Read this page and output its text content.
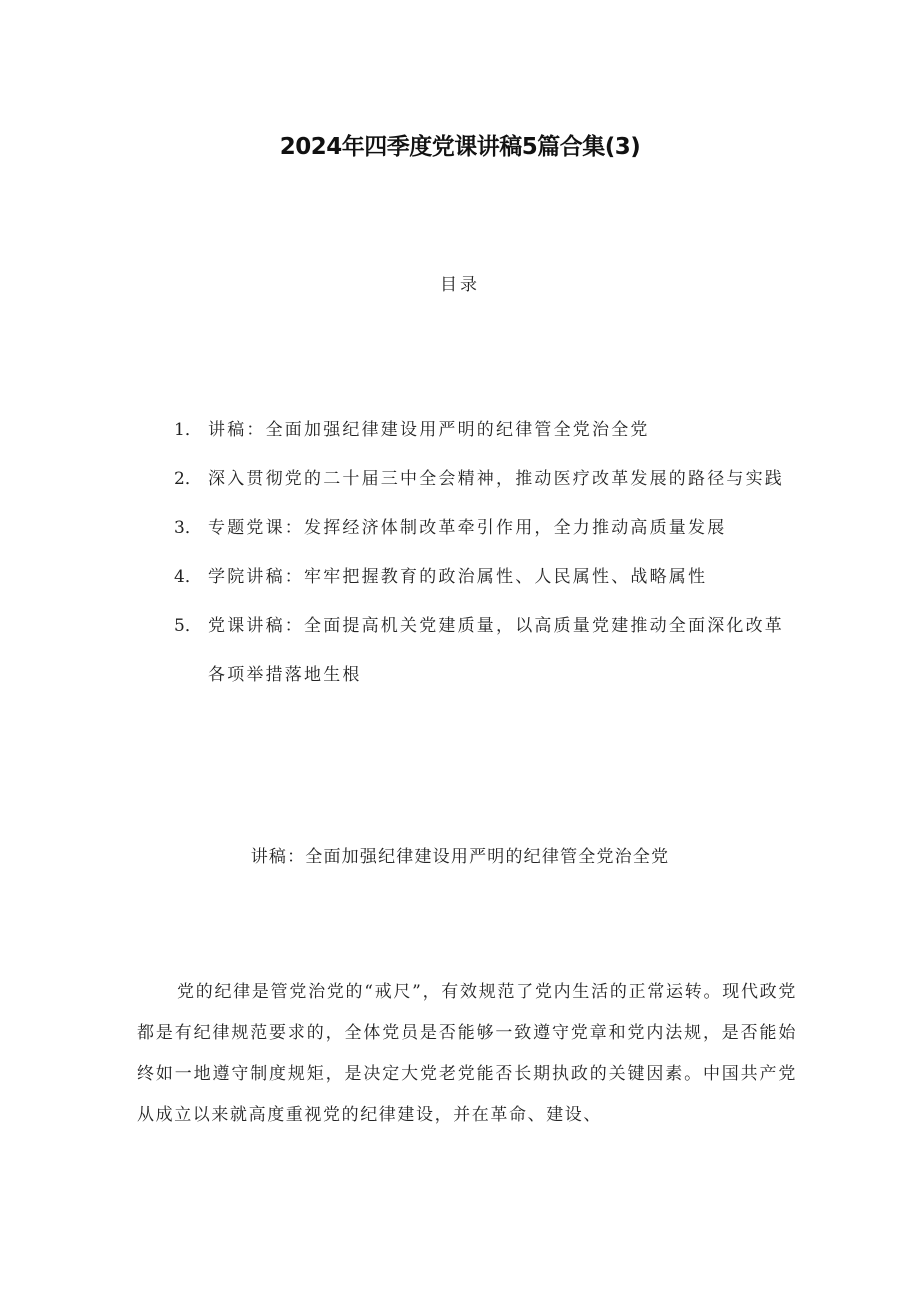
2024年四季度党课讲稿5篇合集(3)
目录
1． 讲稿：全面加强纪律建设用严明的纪律管全党治全党
2． 深入贯彻党的二十届三中全会精神，推动医疗改革发展的路径与实践
3． 专题党课：发挥经济体制改革牵引作用，全力推动高质量发展
4． 学院讲稿：牢牢把握教育的政治属性、人民属性、战略属性
5． 党课讲稿：全面提高机关党建质量，以高质量党建推动全面深化改革各项举措落地生根
讲稿：全面加强纪律建设用严明的纪律管全党治全党

党的纪律是管党治党的“戒尺”，有效规范了党内生活的正常运转。现代政党都是有纪律规范要求的，全体党员是否能够一致遵守党章和党内法规，是否能始终如一地遵守制度规矩，是决定大党老党能否长期执政的关键因素。中国共产党从成立以来就高度重视党的纪律建设，并在革命、建设、
